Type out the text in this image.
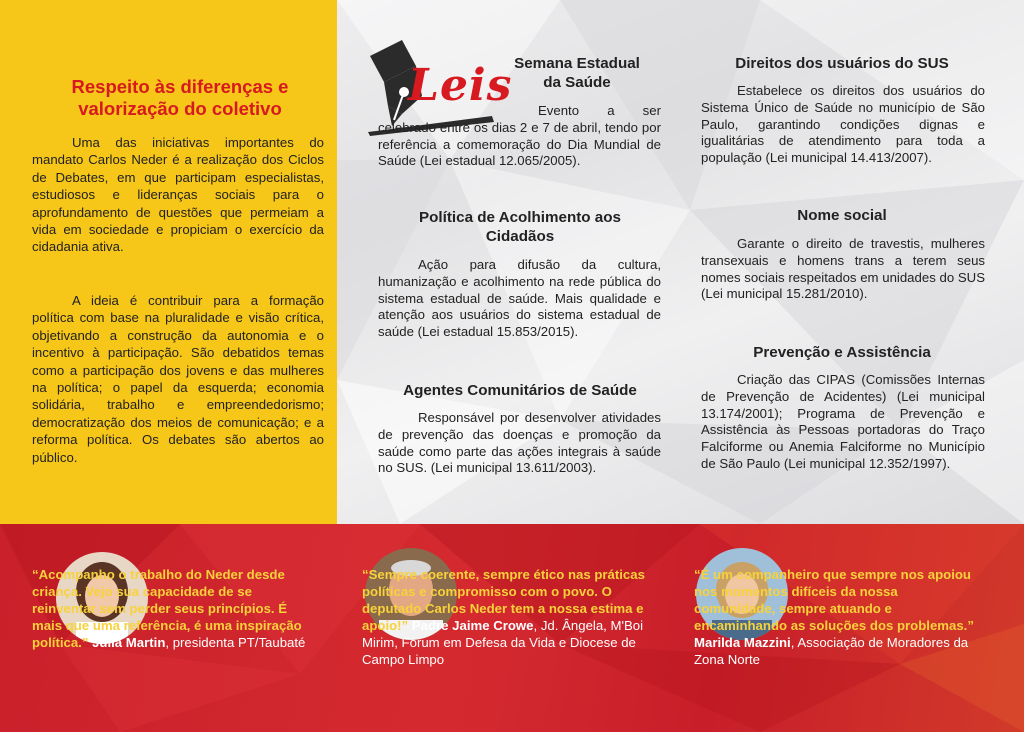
Respeito às diferenças e
valorização do coletivo

Uma das iniciativas importantes do mandato Carlos Neder é a realização dos Ciclos de Debates, em que participam especialistas, estudiosos e lideranças sociais para o aprofundamento de questões que permeiam a vida em sociedade e propiciam o exercício da cidadania ativa.

A ideia é contribuir para a formação política com base na pluralidade e visão crítica, objetivando a construção da autonomia e o incentivo à participação. São debatidos temas como a participação dos jovens e das mulheres na política; o papel da esquerda; economia solidária, trabalho e empreendedorismo; democratização dos meios de comunicação; e a reforma política. Os debates são abertos ao público.

Leis Semana Estadual
da Saúde

Evento a ser celebrado entre os dias 2 e 7 de abril, tendo por referência a comemoração do Dia Mundial de Saúde (Lei estadual 12.065/2005).

Política de Acolhimento aos
Cidadãos

Ação para difusão da cultura, humanização e acolhimento na rede pública do sistema estadual de saúde. Mais qualidade e atenção aos usuários do sistema estadual de saúde (Lei estadual 15.853/2015).

Agentes Comunitários de Saúde

Responsável por desenvolver atividades de prevenção das doenças e promoção da saúde como parte das ações integrais à saúde no SUS. (Lei municipal 13.611/2003).

Direitos dos usuários do SUS

Estabelece os direitos dos usuários do Sistema Único de Saúde no município de São Paulo, garantindo condições dignas e igualitárias de atendimento para toda a população (Lei municipal 14.413/2007).

Nome social

Garante o direito de travestis, mulheres transexuais e homens trans a terem seus nomes sociais respeitados em unidades do SUS (Lei municipal 15.281/2010).

Prevenção e Assistência

Criação das CIPAS (Comissões Internas de Prevenção de Acidentes) (Lei municipal 13.174/2001); Programa de Prevenção e Assistência às Pessoas portadoras do Traço Falciforme ou Anemia Falciforme no Município de São Paulo (Lei municipal 12.352/1997).

“Acompanho o trabalho do Neder desde criança. Vejo sua capacidade de se reinventar sem perder seus princípios. É mais que uma referência, é uma inspiração política.” Júlia Martin, presidenta PT/Taubaté

“Sempre coerente, sempre ético nas práticas políticas e compromisso com o povo. O deputado Carlos Neder tem a nossa estima e apoio!” Padre Jaime Crowe, Jd. Ângela, M'Boi Mirim, Fórum em Defesa da Vida e Diocese de Campo Limpo

“É um companheiro que sempre nos apoiou nos momentos difíceis da nossa comunidade, sempre atuando e encaminhando as soluções dos problemas.” Marilda Mazzini, Associação de Moradores da Zona Norte
